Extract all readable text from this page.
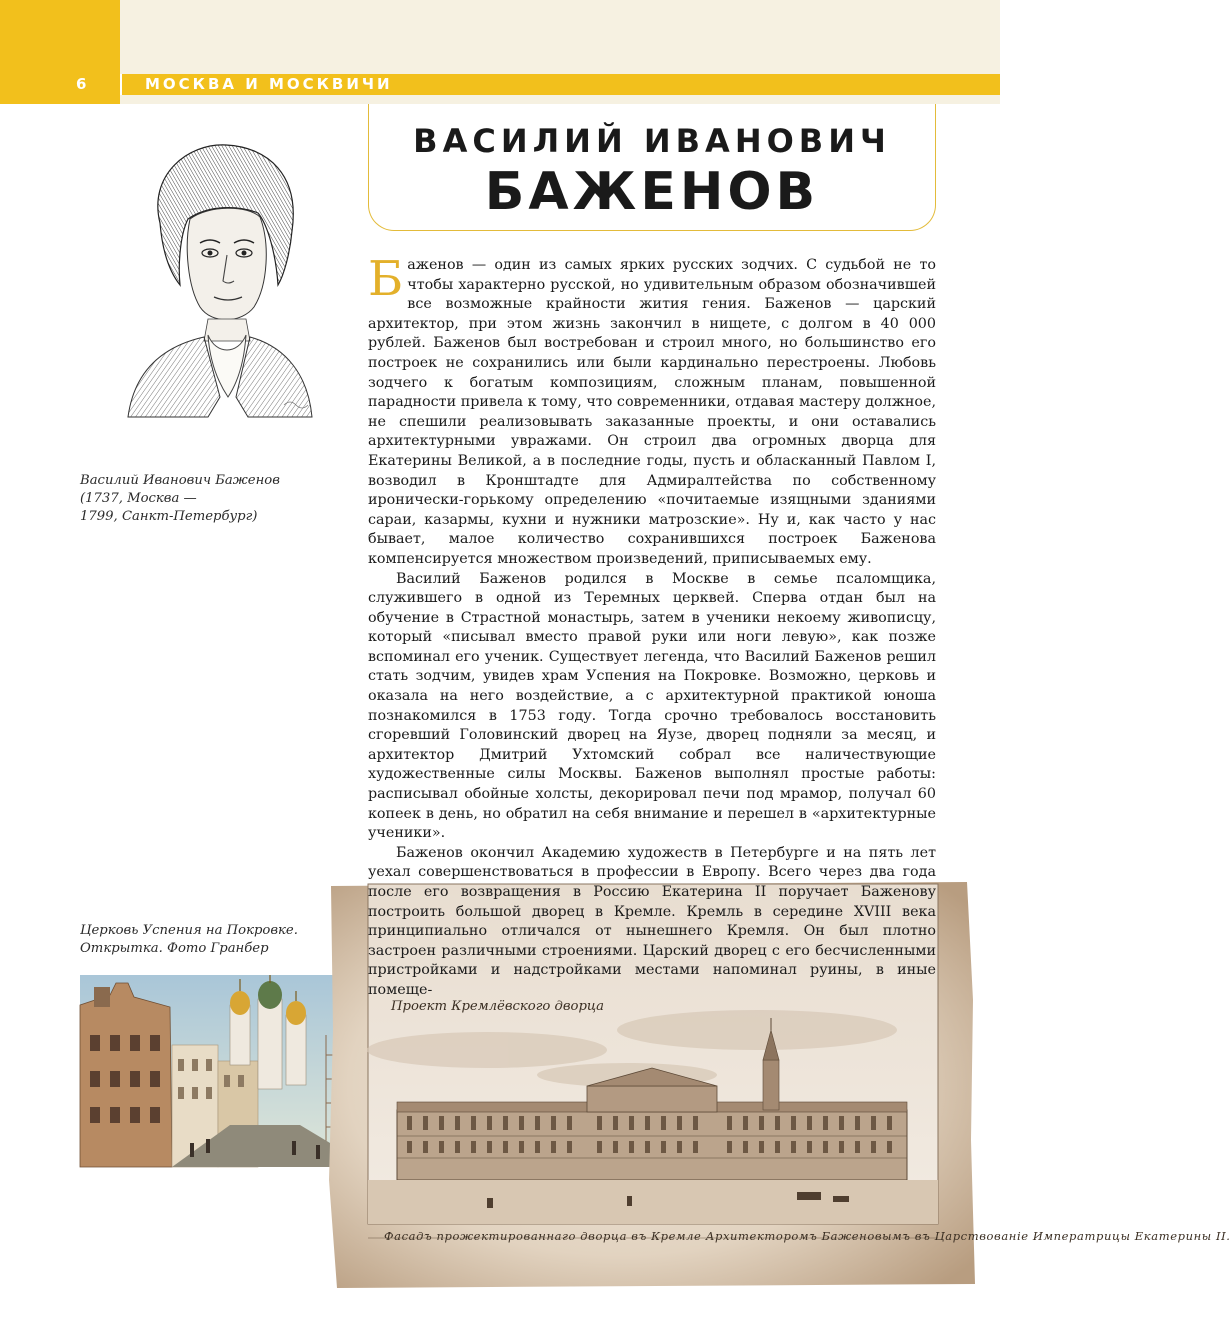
6	МОСКВА И МОСКВИЧИ
ВАСИЛИЙ ИВАНОВИЧ
БАЖЕНОВ
Василий Иванович Баженов
(1737, Москва —
1799, Санкт-Петербург)
Церковь Успения на Покровке.
Открытка. Фото Гранбер
Проект Кремлёвского дворца
Фасадъ прожектированнаго дворца въ Кремле Архитекторомъ Баженовымъ въ Царствованіе Императрицы Екатерины II.

Баженов — один из самых ярких русских зодчих. С судьбой не то чтобы характерно русской, но удивительным образом обозначившей все возможные крайности жития гения. Баженов — царский архитектор, при этом жизнь закончил в нищете, с долгом в 40 000 рублей. Баженов был востребован и строил много, но большинство его построек не сохранились или были кардинально перестроены. Любовь зодчего к богатым композициям, сложным планам, повышенной парадности привела к тому, что современники, отдавая мастеру должное, не спешили реализовывать заказанные проекты, и они оставались архитектурными увражами. Он строил два огромных дворца для Екатерины Великой, а в последние годы, пусть и обласканный Павлом I, возводил в Кронштадте для Адмиралтейства по собственному иронически-горькому определению «почитаемые изящными зданиями сараи, казармы, кухни и нужники матрозские». Ну и, как часто у нас бывает, малое количество сохранившихся построек Баженова компенсируется множеством произведений, приписываемых ему.

Василий Баженов родился в Москве в семье псаломщика, служившего в одной из Теремных церквей. Сперва отдан был на обучение в Страстной монастырь, затем в ученики некоему живописцу, который «писывал вместо правой руки или ноги левую», как позже вспоминал его ученик. Существует легенда, что Василий Баженов решил стать зодчим, увидев храм Успения на Покровке. Возможно, церковь и оказала на него воздействие, а с архитектурной практикой юноша познакомился в 1753 году. Тогда срочно требовалось восстановить сгоревший Головинский дворец на Яузе, дворец подняли за месяц, и архитектор Дмитрий Ухтомский собрал все наличествующие художественные силы Москвы. Баженов выполнял простые работы: расписывал обойные холсты, декорировал печи под мрамор, получал 60 копеек в день, но обратил на себя внимание и перешел в «архитектурные ученики».

Баженов окончил Академию художеств в Петербурге и на пять лет уехал совершенствоваться в профессии в Европу. Всего через два года после его возвращения в Россию Екатерина II поручает Баженову построить большой дворец в Кремле. Кремль в середине XVIII века принципиально отличался от нынешнего Кремля. Он был плотно застроен различными строениями. Царский дворец с его бесчисленными пристройками и надстройками местами напоминал руины, в иные помеще-
